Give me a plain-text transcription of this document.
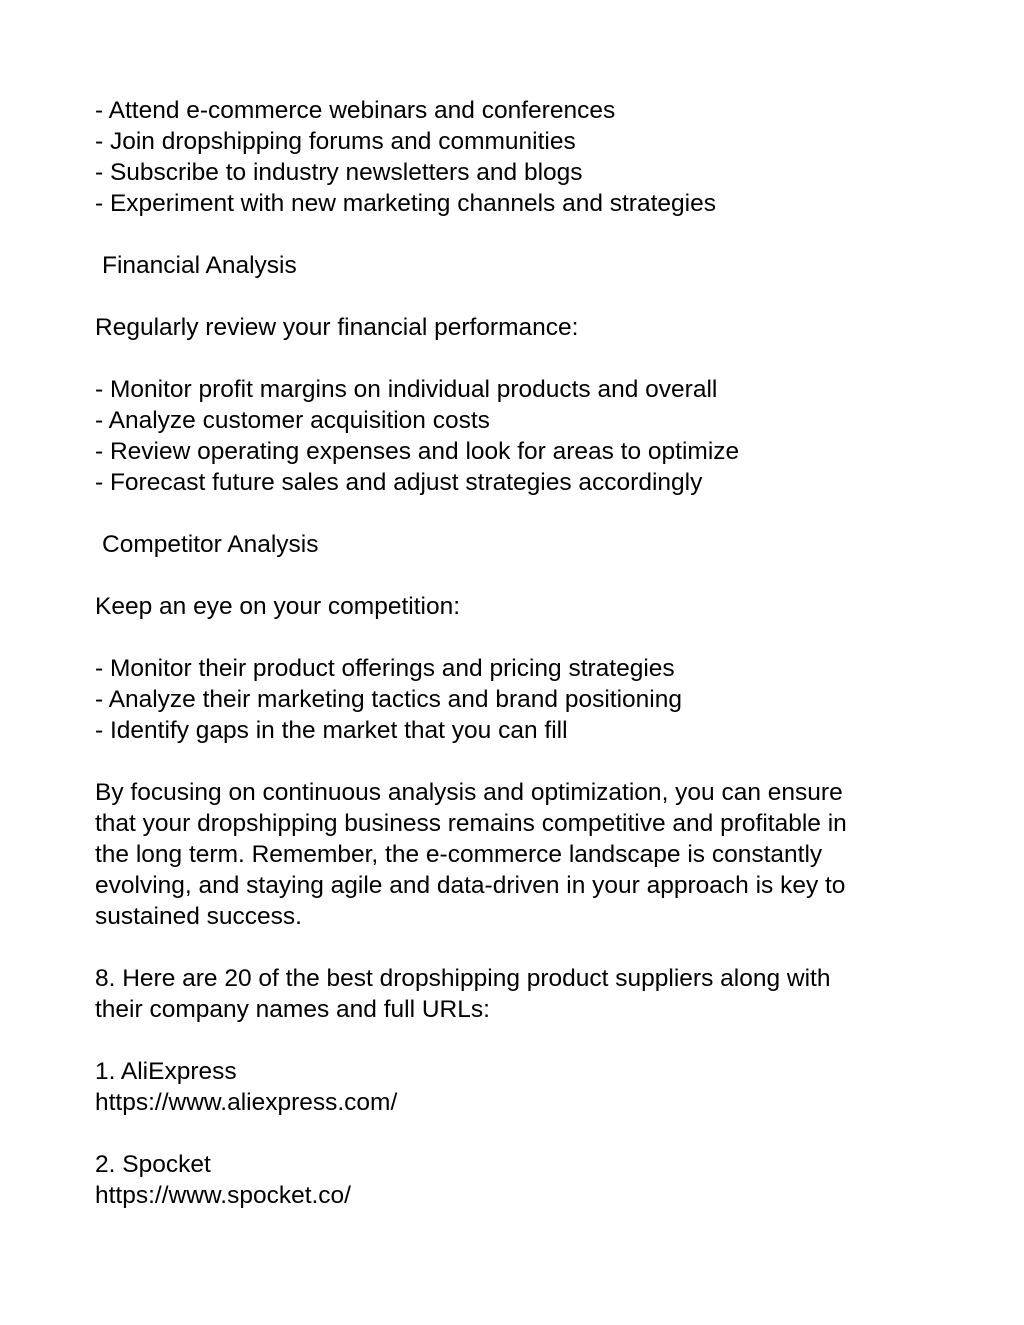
- Attend e-commerce webinars and conferences
- Join dropshipping forums and communities
- Subscribe to industry newsletters and blogs
- Experiment with new marketing channels and strategies
Financial Analysis
Regularly review your financial performance:
- Monitor profit margins on individual products and overall
- Analyze customer acquisition costs
- Review operating expenses and look for areas to optimize
- Forecast future sales and adjust strategies accordingly
Competitor Analysis
Keep an eye on your competition:
- Monitor their product offerings and pricing strategies
- Analyze their marketing tactics and brand positioning
- Identify gaps in the market that you can fill
By focusing on continuous analysis and optimization, you can ensure
that your dropshipping business remains competitive and profitable in
the long term. Remember, the e-commerce landscape is constantly
evolving, and staying agile and data-driven in your approach is key to
sustained success.
8. Here are 20 of the best dropshipping product suppliers along with
their company names and full URLs:
1. AliExpress
https://www.aliexpress.com/
2. Spocket
https://www.spocket.co/
